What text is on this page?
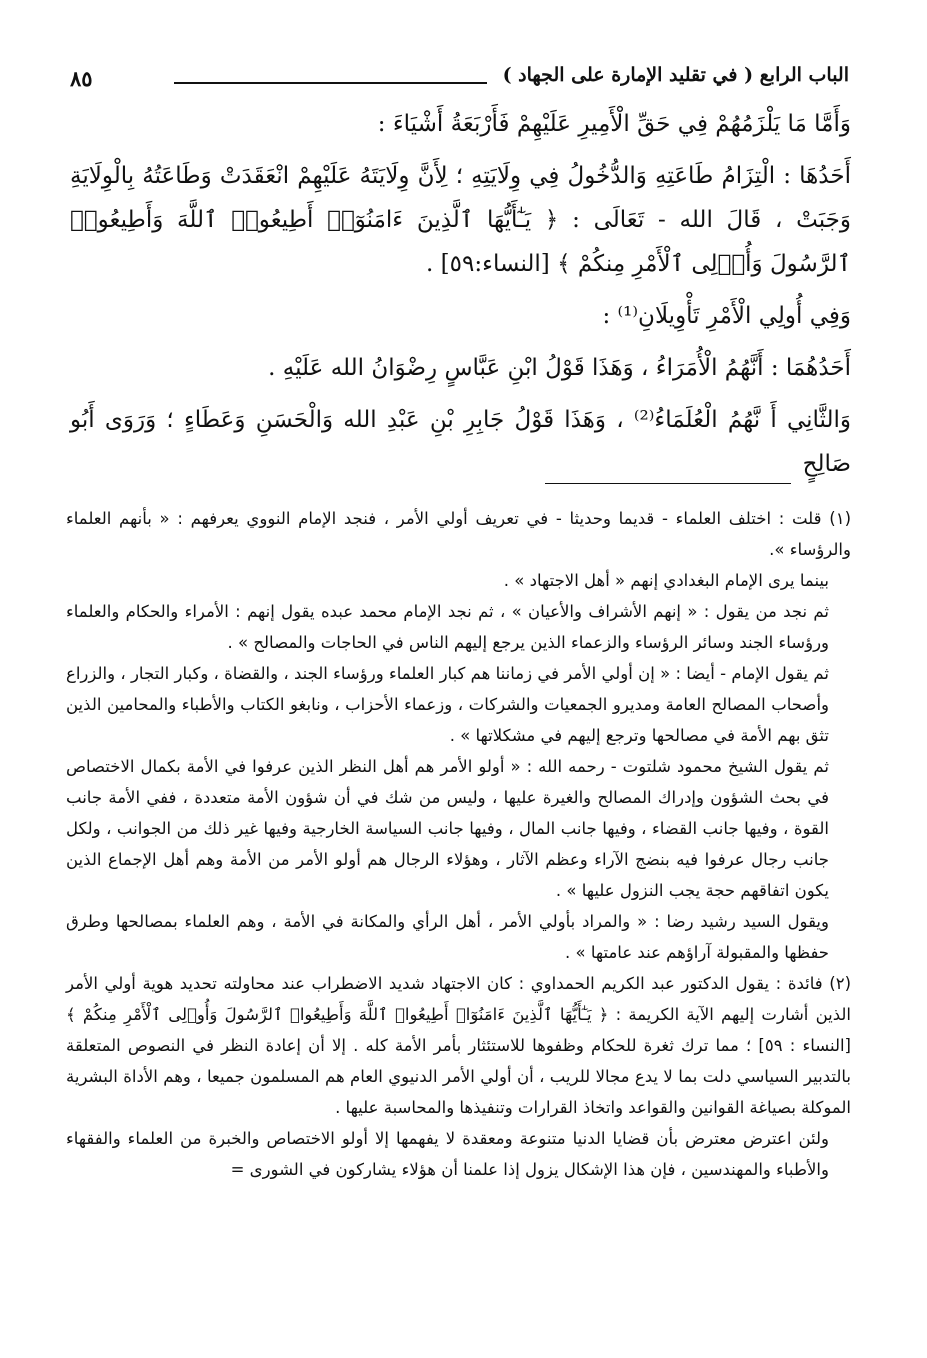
٨٥	الباب الرابع ( في تقليد الإمارة على الجهاد )

وَأَمَّا مَا يَلْزَمُهُمْ فِي حَقِّ الْأَمِيرِ عَلَيْهِمْ فَأَرْبَعَةُ أَشْيَاءَ :

أَحَدُهَا : الْتِزَامُ طَاعَتِهِ وَالدُّخُولُ فِي وِلَايَتِهِ ؛ لِأَنَّ وِلَايَتَهُ عَلَيْهِمْ انْعَقَدَتْ وَطَاعَتُهُ بِالْوِلَايَةِ وَجَبَتْ ، قَالَ الله - تَعَالَى : ﴿ يَـٰٓأَيُّهَا ٱلَّذِينَ ءَامَنُوٓا۟ أَطِيعُوا۟ ٱللَّهَ وَأَطِيعُوا۟ ٱلرَّسُولَ وَأُو۟لِى ٱلْأَمْرِ مِنكُمْ ﴾ [النساء:٥٩] .

وَفِي أُولِي الْأَمْرِ تَأْوِيلَانِ⁽¹⁾ :

أَحَدُهُمَا : أَنَّهُمُ الْأُمَرَاءُ ، وَهَذَا قَوْلُ ابْنِ عَبَّاسٍ رِضْوَانُ الله عَلَيْهِ .

وَالثَّانِي أَ نَّهُمُ الْعُلَمَاءُ⁽²⁾ ، وَهَذَا قَوْلُ جَابِرِ بْنِ عَبْدِ الله وَالْحَسَنِ وَعَطَاءٍ ؛ وَرَوَى أَبُو صَالِحٍ

(١) قلت : اختلف العلماء - قديما وحديثا - في تعريف أولي الأمر ، فنجد الإمام النووي يعرفهم : « بأنهم العلماء والرؤساء ».

بينما يرى الإمام البغدادي إنهم « أهل الاجتهاد » .

ثم نجد من يقول : « إنهم الأشراف والأعيان » ، ثم نجد الإمام محمد عبده يقول إنهم : الأمراء والحكام والعلماء ورؤساء الجند وسائر الرؤساء والزعماء الذين يرجع إليهم الناس في الحاجات والمصالح » .

ثم يقول الإمام - أيضا : « إن أولي الأمر في زماننا هم كبار العلماء ورؤساء الجند ، والقضاة ، وكبار التجار ، والزراع وأصحاب المصالح العامة ومديرو الجمعيات والشركات ، وزعماء الأحزاب ، ونابغو الكتاب والأطباء والمحامين الذين تثق بهم الأمة في مصالحها وترجع إليهم في مشكلاتها » .

ثم يقول الشيخ محمود شلتوت - رحمه الله : « أولو الأمر هم أهل النظر الذين عرفوا في الأمة بكمال الاختصاص في بحث الشؤون وإدراك المصالح والغيرة عليها ، وليس من شك في أن شؤون الأمة متعددة ، ففي الأمة جانب القوة ، وفيها جانب القضاء ، وفيها جانب المال ، وفيها جانب السياسة الخارجية وفيها غير ذلك من الجوانب ، ولكل جانب رجال عرفوا فيه بنضج الآراء وعظم الآثار ، وهؤلاء الرجال هم أولو الأمر من الأمة وهم أهل الإجماع الذين يكون اتفاقهم حجة يجب النزول عليها » .

ويقول السيد رشيد رضا : « والمراد بأولي الأمر ، أهل الرأي والمكانة في الأمة ، وهم العلماء بمصالحها وطرق حفظها والمقبولة آراؤهم عند عامتها » .

(٢) فائدة : يقول الدكتور عبد الكريم الحمداوي : كان الاجتهاد شديد الاضطراب عند محاولته تحديد هوية أولي الأمر الذين أشارت إليهم الآية الكريمة : ﴿ يَـٰٓأَيُّهَا ٱلَّذِينَ ءَامَنُوٓا۟ أَطِيعُوا۟ ٱللَّهَ وَأَطِيعُوا۟ ٱلرَّسُولَ وَأُو۟لِى ٱلْأَمْرِ مِنكُمْ ﴾ [النساء : ٥٩] ؛ مما ترك ثغرة للحكام وظفوها للاستئثار بأمر الأمة كله . إلا أن إعادة النظر في النصوص المتعلقة بالتدبير السياسي دلت بما لا يدع مجالا للريب ، أن أولي الأمر الدنيوي العام هم المسلمون جميعا ، وهم الأداة البشرية الموكلة بصياغة القوانين والقواعد واتخاذ القرارات وتنفيذها والمحاسبة عليها .

ولئن اعترض معترض بأن قضايا الدنيا متنوعة ومعقدة لا يفهمها إلا أولو الاختصاص والخبرة من العلماء والفقهاء والأطباء والمهندسين ، فإن هذا الإشكال يزول إذا علمنا أن هؤلاء يشاركون في الشورى =
